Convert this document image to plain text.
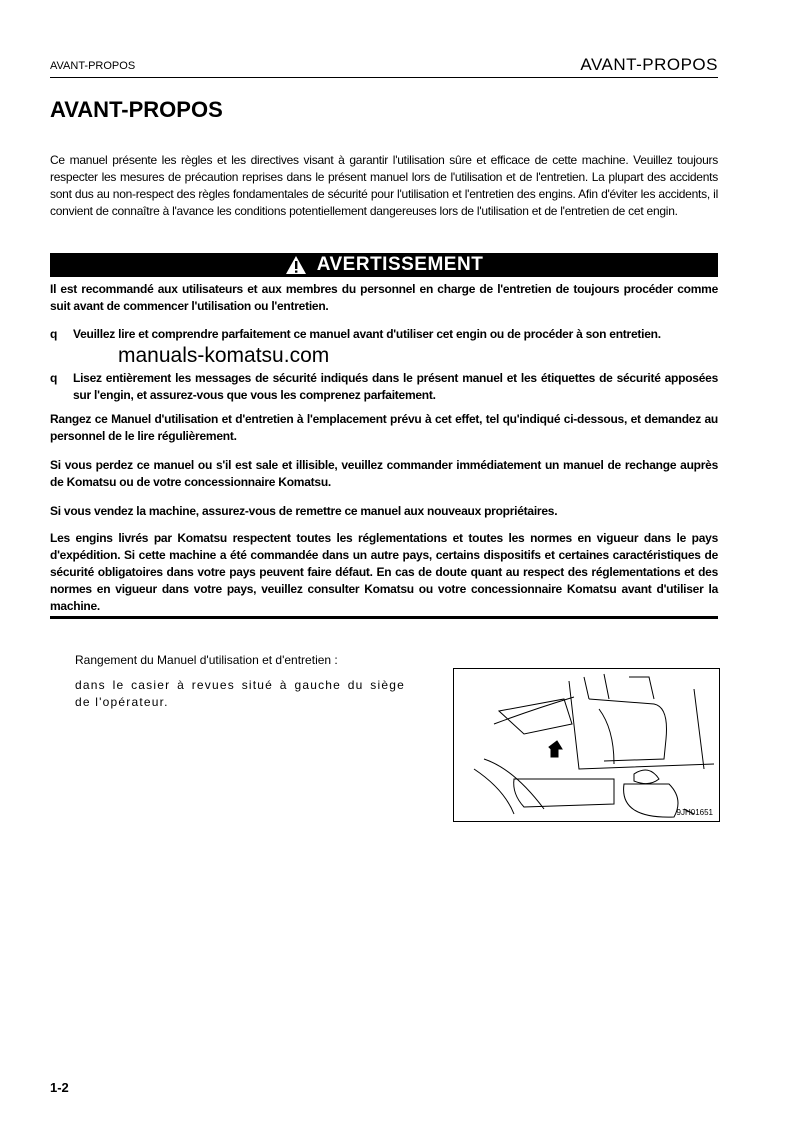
AVANT-PROPOS	AVANT-PROPOS
AVANT-PROPOS
Ce manuel présente les règles et les directives visant à garantir l'utilisation sûre et efficace de cette machine. Veuillez toujours respecter les mesures de précaution reprises dans le présent manuel lors de l'utilisation et de l'entretien. La plupart des accidents sont dus au non-respect des règles fondamentales de sécurité pour l'utilisation et l'entretien des engins. Afin d'éviter les accidents, il convient de connaître à l'avance les conditions potentiellement dangereuses lors de l'utilisation et de l'entretien de cet engin.
AVERTISSEMENT
Il est recommandé aux utilisateurs et aux membres du personnel en charge de l'entretien de toujours procéder comme suit avant de commencer l'utilisation ou l'entretien.
q	Veuillez lire et comprendre parfaitement ce manuel avant d'utiliser cet engin ou de procéder à son entretien.
q	Lisez entièrement les messages de sécurité indiqués dans le présent manuel et les étiquettes de sécurité apposées sur l'engin, et assurez-vous que vous les comprenez parfaitement.
manuals-komatsu.com
Rangez ce Manuel d'utilisation et d'entretien à l'emplacement prévu à cet effet, tel qu'indiqué ci-dessous, et demandez au personnel de le lire régulièrement.
Si vous perdez ce manuel ou s'il est sale et illisible, veuillez commander immédiatement un manuel de rechange auprès de Komatsu ou de votre concessionnaire Komatsu.
Si vous vendez la machine, assurez-vous de remettre ce manuel aux nouveaux propriétaires.
Les engins livrés par Komatsu respectent toutes les réglementations et toutes les normes en vigueur dans le pays d'expédition. Si cette machine a été commandée dans un autre pays, certains dispositifs et certaines caractéristiques de sécurité obligatoires dans votre pays peuvent faire défaut. En cas de doute quant au respect des réglementations et des normes en vigueur dans votre pays, veuillez consulter Komatsu ou votre concessionnaire Komatsu avant d'utiliser la machine.
Rangement du Manuel d'utilisation et d'entretien :
dans le casier à revues situé à gauche du siège de l'opérateur.
9JH01651
1-2
